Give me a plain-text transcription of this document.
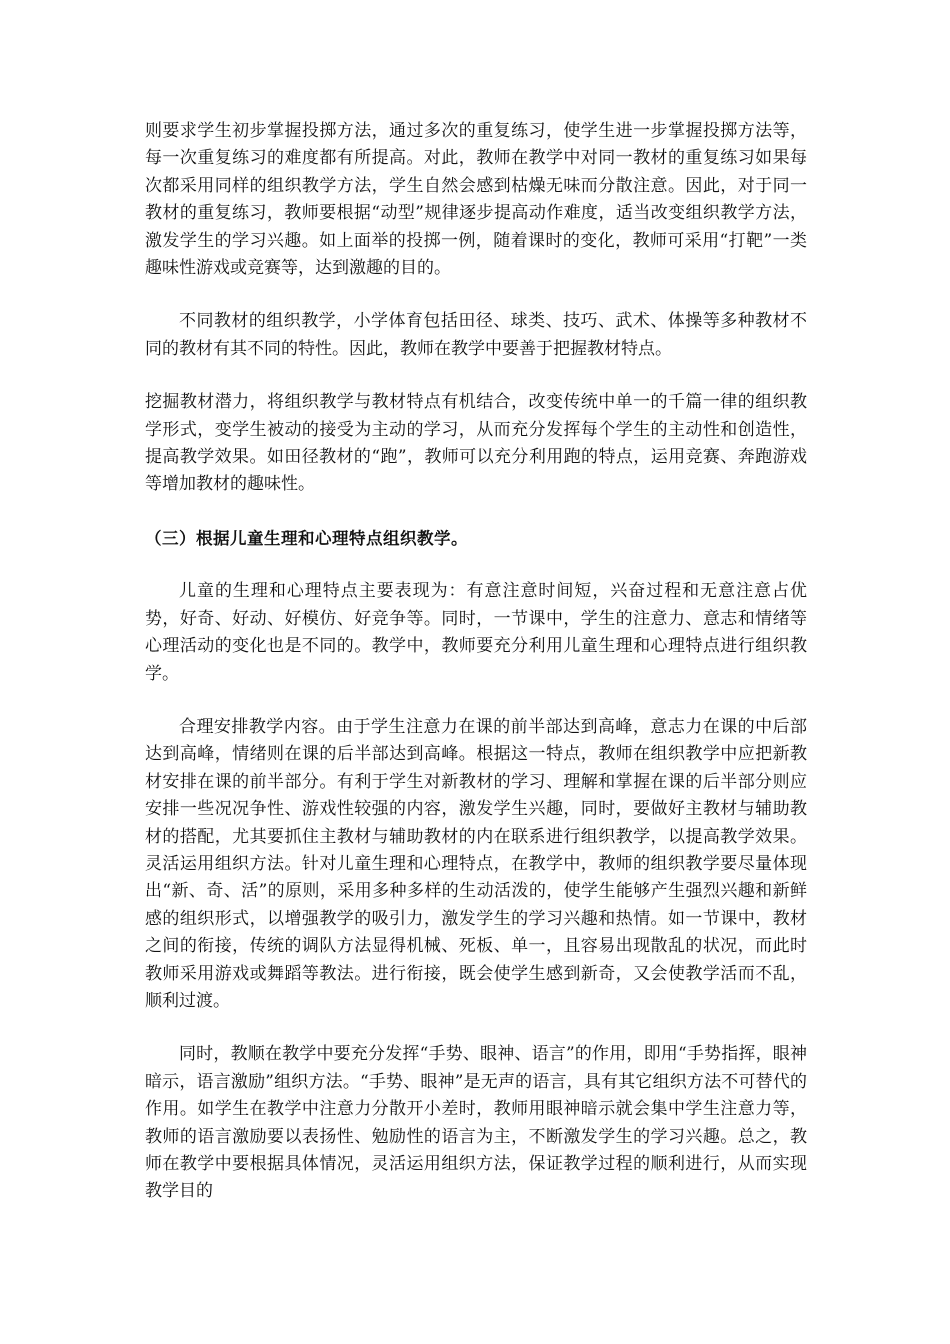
则要求学生初步掌握投掷方法，通过多次的重复练习，使学生进一步掌握投掷方法等，每一次重复练习的难度都有所提高。对此，教师在教学中对同一教材的重复练习如果每次都采用同样的组织教学方法，学生自然会感到枯燥无味而分散注意。因此，对于同一教材的重复练习，教师要根据“动型”规律逐步提高动作难度，适当改变组织教学方法，激发学生的学习兴趣。如上面举的投掷一例，随着课时的变化，教师可采用“打靶”一类趣味性游戏或竞赛等，达到激趣的目的。

不同教材的组织教学，小学体育包括田径、球类、技巧、武术、体操等多种教材不同的教材有其不同的特性。因此，教师在教学中要善于把握教材特点。

挖掘教材潜力，将组织教学与教材特点有机结合，改变传统中单一的千篇一律的组织教学形式，变学生被动的接受为主动的学习，从而充分发挥每个学生的主动性和创造性，提高教学效果。如田径教材的“跑”，教师可以充分利用跑的特点，运用竞赛、奔跑游戏等增加教材的趣味性。

（三）根据儿童生理和心理特点组织教学。

儿童的生理和心理特点主要表现为：有意注意时间短，兴奋过程和无意注意占优势，好奇、好动、好模仿、好竞争等。同时，一节课中，学生的注意力、意志和情绪等心理活动的变化也是不同的。教学中，教师要充分利用儿童生理和心理特点进行组织教学。

合理安排教学内容。由于学生注意力在课的前半部达到高峰，意志力在课的中后部达到高峰，情绪则在课的后半部达到高峰。根据这一特点，教师在组织教学中应把新教材安排在课的前半部分。有利于学生对新教材的学习、理解和掌握在课的后半部分则应安排一些况况争性、游戏性较强的内容，激发学生兴趣，同时，要做好主教材与辅助教材的搭配，尤其要抓住主教材与辅助教材的内在联系进行组织教学，以提高教学效果。灵活运用组织方法。针对儿童生理和心理特点，在教学中，教师的组织教学要尽量体现出“新、奇、活”的原则，采用多种多样的生动活泼的，使学生能够产生强烈兴趣和新鲜感的组织形式，以增强教学的吸引力，激发学生的学习兴趣和热情。如一节课中，教材之间的衔接，传统的调队方法显得机械、死板、单一，且容易出现散乱的状况，而此时教师采用游戏或舞蹈等教法。进行衔接，既会使学生感到新奇，又会使教学活而不乱，顺利过渡。

同时，教顺在教学中要充分发挥“手势、眼神、语言”的作用，即用“手势指挥，眼神暗示，语言激励”组织方法。“手势、眼神”是无声的语言，具有其它组织方法不可替代的作用。如学生在教学中注意力分散开小差时，教师用眼神暗示就会集中学生注意力等，教师的语言激励要以表扬性、勉励性的语言为主，不断激发学生的学习兴趣。总之，教师在教学中要根据具体情况，灵活运用组织方法，保证教学过程的顺利进行，从而实现教学目的
